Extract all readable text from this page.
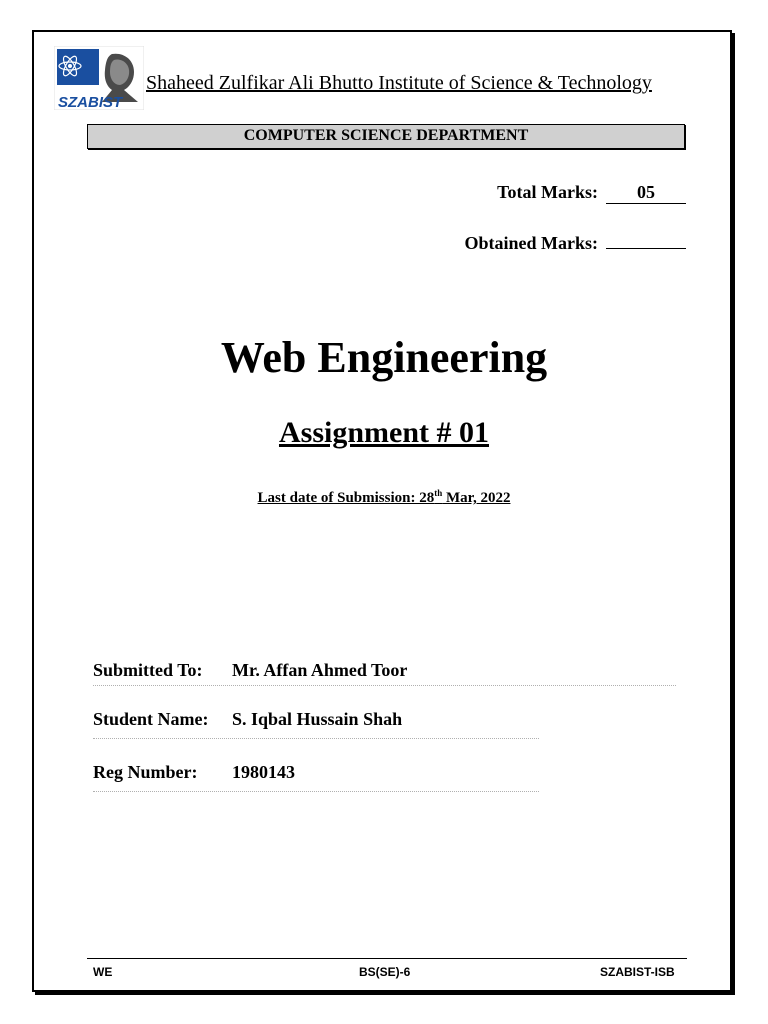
SZABIST
Shaheed Zulfikar Ali Bhutto Institute of Science & Technology
COMPUTER SCIENCE DEPARTMENT
Total Marks:	05
Obtained Marks:
Web Engineering
Assignment # 01
Last date of Submission: 28th Mar, 2022
Submitted To: Mr. Affan Ahmed Toor
Student Name: S. Iqbal Hussain Shah
Reg Number: 1980143
WE	BS(SE)-6	SZABIST-ISB
